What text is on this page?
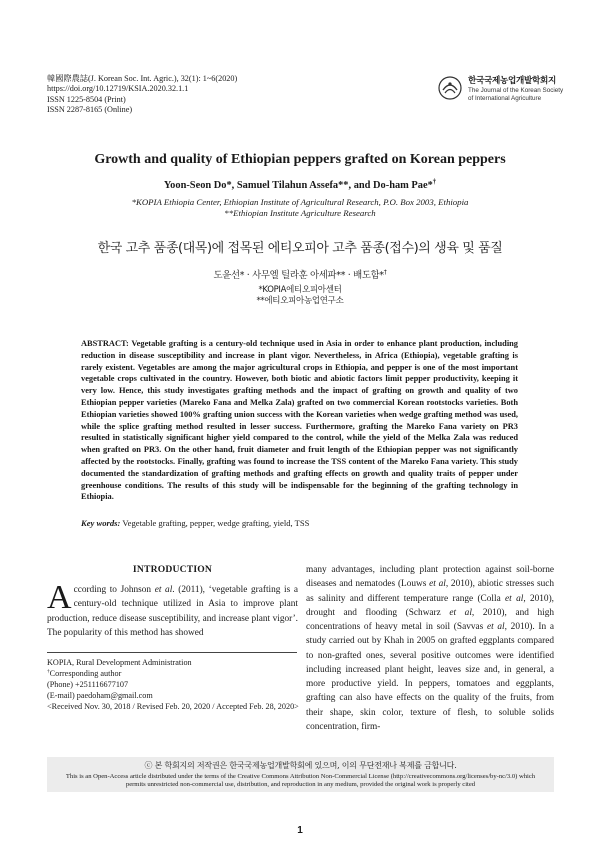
韓國際農誌(J. Korean Soc. Int. Agric.), 32(1): 1~6(2020)
https://doi.org/10.12719/KSIA.2020.32.1.1
ISSN 1225-8504 (Print)
ISSN 2287-8165 (Online)
한국국제농업개발학회지
The Journal of the Korean Society
of International Agriculture
Growth and quality of Ethiopian peppers grafted on Korean peppers
Yoon-Seon Do*, Samuel Tilahun Assefa**, and Do-ham Pae*†
*KOPIA Ethiopia Center, Ethiopian Institute of Agricultural Research, P.O. Box 2003, Ethiopia
**Ethiopian Institute Agriculture Research
한국 고추 품종(대목)에 접목된 에티오피아 고추 품종(접수)의 생육 및 품질
도윤선* · 사무엘 틸라훈 아세파** · 배도함*†
*KOPIA에티오피아센터
**에티오피아농업연구소
ABSTRACT: Vegetable grafting is a century-old technique used in Asia in order to enhance plant production, including reduction in disease susceptibility and increase in plant vigor. Nevertheless, in Africa (Ethiopia), vegetable grafting is rarely existent. Vegetables are among the major agricultural crops in Ethiopia, and pepper is one of the most important vegetable crops cultivated in the country. However, both biotic and abiotic factors limit pepper productivity, keeping it very low. Hence, this study investigates grafting methods and the impact of grafting on growth and quality of two Ethiopian pepper varieties (Mareko Fana and Melka Zala) grafted on two commercial Korean rootstocks varieties. Both Ethiopian varieties showed 100% grafting union success with the Korean varieties when wedge grafting method was used, while the splice grafting method resulted in lesser success. Furthermore, grafting the Mareko Fana variety on PR3 resulted in statistically significant higher yield compared to the control, while the yield of the Melka Zala was reduced when grafted on PR3. On the other hand, fruit diameter and fruit length of the Ethiopian pepper was not significantly affected by the rootstocks. Finally, grafting was found to increase the TSS content of the Mareko Fana variety. This study documented the standardization of grafting methods and grafting effects on growth and quality traits of pepper under greenhouse conditions. The results of this study will be indispensable for the beginning of the grafting technology in Ethiopia.
Key words: Vegetable grafting, pepper, wedge grafting, yield, TSS
INTRODUCTION
According to Johnson et al. (2011), ‘vegetable grafting is a century-old technique utilized in Asia to improve plant production, reduce disease susceptibility, and increase plant vigor’. The popularity of this method has showed
many advantages, including plant protection against soil-borne diseases and nematodes (Louws et al, 2010), abiotic stresses such as salinity and different temperature range (Colla et al, 2010), drought and flooding (Schwarz et al, 2010), and high concentrations of heavy metal in soil (Savvas et al, 2010). In a study carried out by Khah in 2005 on grafted eggplants compared to non-grafted ones, several positive outcomes were identified including increased plant height, leaves size and, in general, a more productive yield. In peppers, tomatoes and eggplants, grafting can also have effects on the quality of the fruits, from their shape, skin color, texture of flesh, to soluble solids concentration, firm-
KOPIA, Rural Development Administration
†Corresponding author
(Phone) +251116677107
(E-mail) paedoham@gmail.com
<Received Nov. 30, 2018 / Revised Feb. 20, 2020 / Accepted Feb. 28, 2020>
ⓒ 본 학회지의 저작권은 한국국제농업개발학회에 있으며, 이의 무단전재나 복제를 금합니다.
This is an Open-Access article distributed under the terms of the Creative Commons Attribution Non-Commercial License (http://creativecommons.org/licenses/by-nc/3.0) which
permits unrestricted non-commercial use, distribution, and reproduction in any medium, provided the original work is properly cited
1
